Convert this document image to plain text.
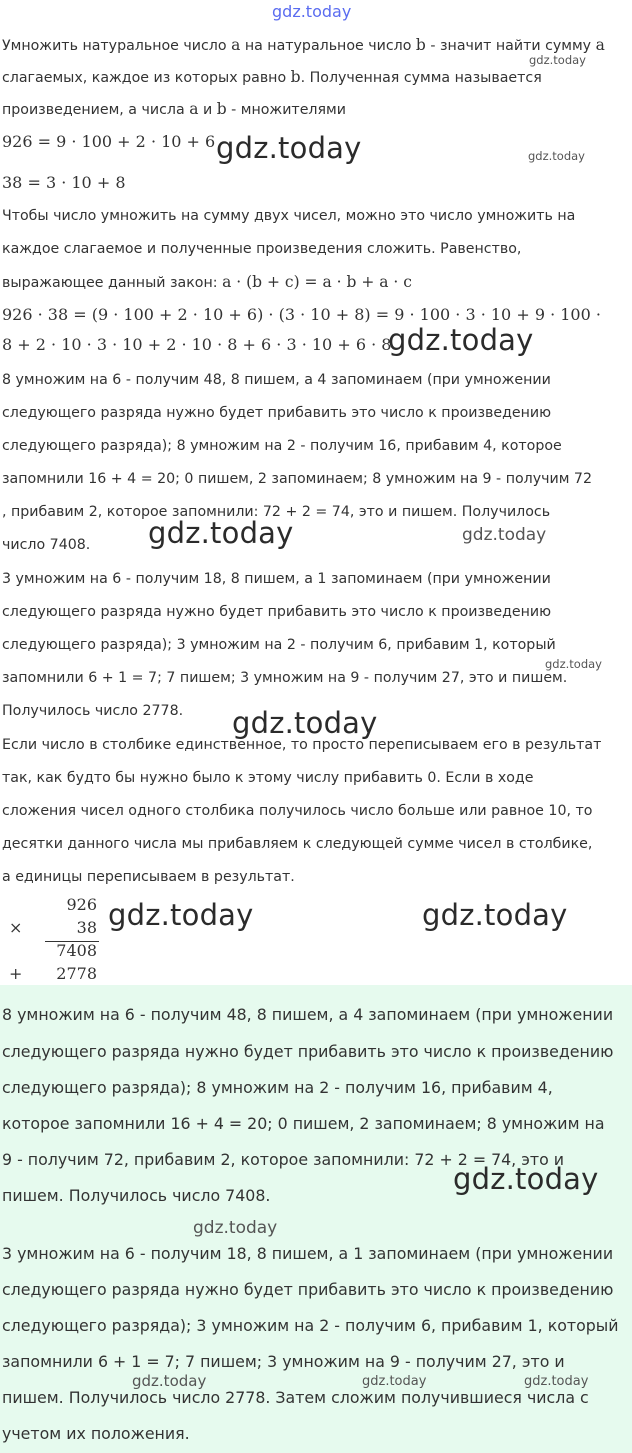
gdz.today

Умножить натуральное число a на натуральное число b - значит найти сумму a

слагаемых, каждое из которых равно b. Полученная сумма называется

произведением, а числа a и b - множителями

gdz.today
926 = 9 · 100 + 2 · 10 + 6 gdz.today	gdz.today
38 = 3 · 10 + 8

Чтобы число умножить на сумму двух чисел, можно это число умножить на

каждое слагаемое и полученные произведения сложить. Равенство,

выражающее данный закон: a · (b + c) = a · b + a · c

926 · 38 = (9 · 100 + 2 · 10 + 6) · (3 · 10 + 8) = 9 · 100 · 3 · 10 + 9 · 100 ·
8 + 2 · 10 · 3 · 10 + 2 · 10 · 8 + 6 · 3 · 10 + 6 · 8
gdz.today

8 умножим на 6 - получим 48, 8 пишем, а 4 запоминаем (при умножении

следующего разряда нужно будет прибавить это число к произведению

следующего разряда); 8 умножим на 2 - получим 16, прибавим 4, которое

запомнили 16 + 4 = 20; 0 пишем, 2 запоминаем; 8 умножим на 9 - получим 72

, прибавим 2, которое запомнили: 72 + 2 = 74, это и пишем. Получилось

число 7408.	gdz.today	gdz.today

3 умножим на 6 - получим 18, 8 пишем, а 1 запоминаем (при умножении

следующего разряда нужно будет прибавить это число к произведению

следующего разряда); 3 умножим на 2 - получим 6, прибавим 1, который

gdz.today

запомнили 6 + 1 = 7; 7 пишем; 3 умножим на 9 - получим 27, это и пишем.

Получилось число 2778.	gdz.today

Если число в столбике единственное, то просто переписываем его в результат

так, как будто бы нужно было к этому числу прибавить 0. Если в ходе

сложения чисел одного столбика получилось число больше или равное 10, то

десятки данного числа мы прибавляем к следующей сумме чисел в столбике,

а единицы переписываем в результат.

926
×	38
7408
+	2778
gdz.today	gdz.today

8 умножим на 6 - получим 48, 8 пишем, а 4 запоминаем (при умножении

следующего разряда нужно будет прибавить это число к произведению

следующего разряда); 8 умножим на 2 - получим 16, прибавим 4,

которое запомнили 16 + 4 = 20; 0 пишем, 2 запоминаем; 8 умножим на

9 - получим 72, прибавим 2, которое запомнили: 72 + 2 = 74, это и

пишем. Получилось число 7408.	gdz.today
gdz.today

3 умножим на 6 - получим 18, 8 пишем, а 1 запоминаем (при умножении

следующего разряда нужно будет прибавить это число к произведению

следующего разряда); 3 умножим на 2 - получим 6, прибавим 1, который

запомнили 6 + 1 = 7; 7 пишем; 3 умножим на 9 - получим 27, это и

gdz.today	gdz.today	gdz.today

пишем. Получилось число 2778. Затем сложим получившиеся числа с

учетом их положения.
